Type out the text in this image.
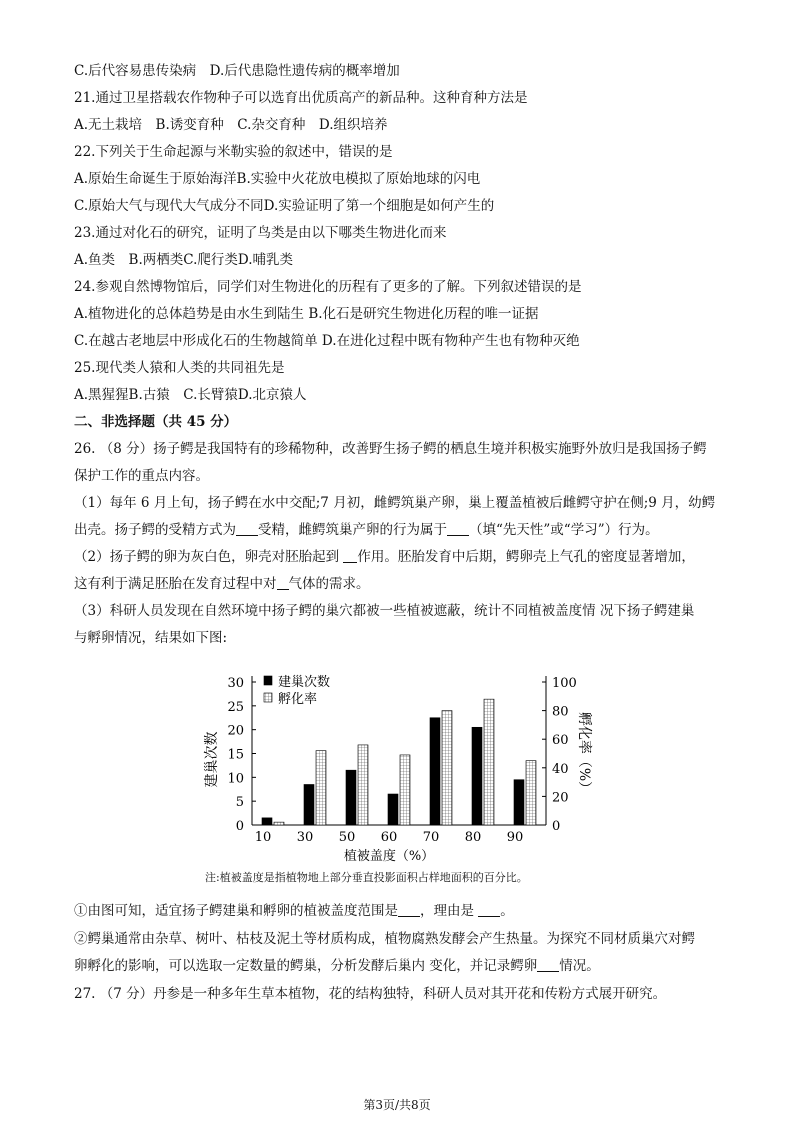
C.后代容易患传染病　D.后代患隐性遗传病的概率增加
21.通过卫星搭载农作物种子可以选育出优质高产的新品种。这种育种方法是
A.无土栽培　B.诱变育种　C.杂交育种　D.组织培养
22.下列关于生命起源与米勒实验的叙述中，错误的是
A.原始生命诞生于原始海洋B.实验中火花放电模拟了原始地球的闪电
C.原始大气与现代大气成分不同D.实验证明了第一个细胞是如何产生的
23.通过对化石的研究，证明了鸟类是由以下哪类生物进化而来
A.鱼类　B.两栖类C.爬行类D.哺乳类
24.参观自然博物馆后，同学们对生物进化的历程有了更多的了解。下列叙述错误的是
A.植物进化的总体趋势是由水生到陆生 B.化石是研究生物进化历程的唯一证据
C.在越古老地层中形成化石的生物越简单 D.在进化过程中既有物种产生也有物种灭绝
25.现代类人猿和人类的共同祖先是
A.黑猩猩B.古猿　C.长臂猿D.北京猿人
二、非选择题（共 45 分）
26. （8 分）扬子鳄是我国特有的珍稀物种，改善野生扬子鳄的栖息生境并积极实施野外放归是我国扬子鳄
保护工作的重点内容。
（1）每年 6 月上旬，扬子鳄在水中交配;7 月初，雌鳄筑巢产卵，巢上覆盖植被后雌鳄守护在侧;9 月，幼鳄
出壳。扬子鳄的受精方式为 受精，雌鳄筑巢产卵的行为属于 （填“先天性”或“学习”）行为。
（2）扬子鳄的卵为灰白色，卵壳对胚胎起到 作用。胚胎发育中后期，鳄卵壳上气孔的密度显著增加，
这有利于满足胚胎在发育过程中对 气体的需求。
（3）科研人员发现在自然环境中扬子鳄的巢穴都被一些植被遮蔽，统计不同植被盖度情 况下扬子鳄建巢
与孵卵情况，结果如下图:
0
5
10
15
20
25
30
0
20
40
60
80
100
10 30 50 60 70 80 90
植被盖度（%）
建巢次数	孵化率（%）
建巢次数
孵化率
注:植被盖度是指植物地上部分垂直投影面积占样地面积的百分比。
①由图可知，适宜扬子鳄建巢和孵卵的植被盖度范围是 ，理由是 。
②鳄巢通常由杂草、树叶、枯枝及泥土等材质构成，植物腐熟发酵会产生热量。为探究不同材质巢穴对鳄
卵孵化的影响，可以选取一定数量的鳄巢，分析发酵后巢内 变化，并记录鳄卵 情况。
27. （7 分）丹参是一种多年生草本植物，花的结构独特，科研人员对其开花和传粉方式展开研究。
第3页/共8页
